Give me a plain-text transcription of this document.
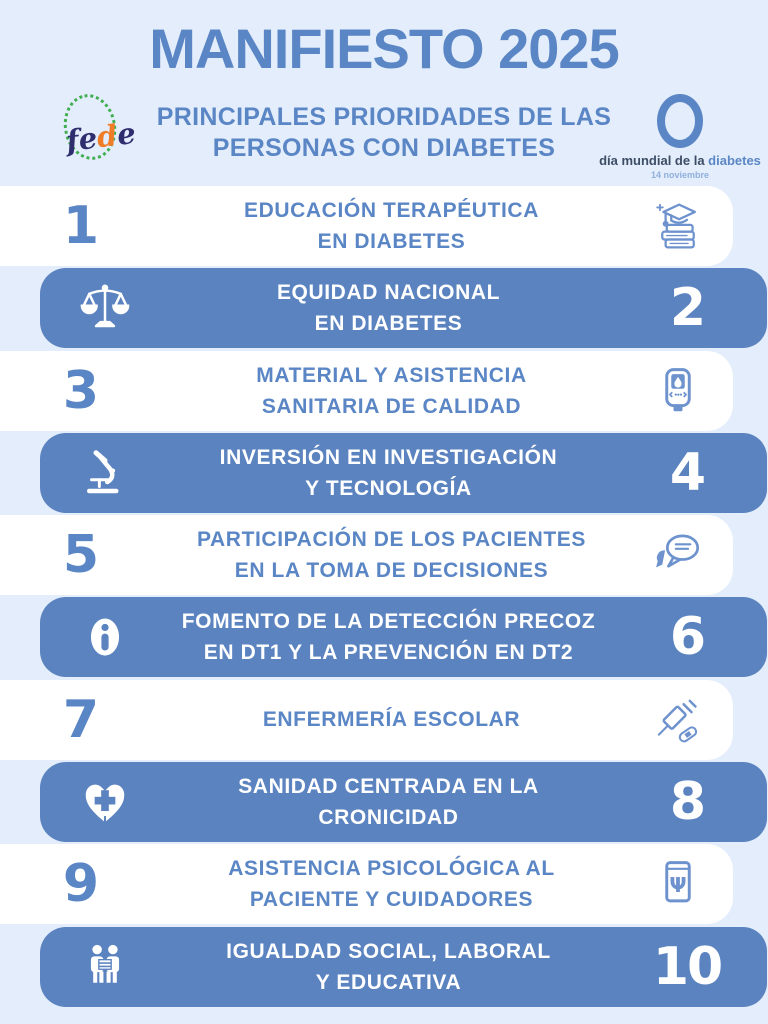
MANIFIESTO 2025
fede PRINCIPALES PRIORIDADES DE LAS
PERSONAS CON DIABETES	día mundial de la diabetes
14 noviembre
1	EDUCACIÓN TERAPÉUTICA
EN DIABETES
EQUIDAD NACIONAL
EN DIABETES	2
3	MATERIAL Y ASISTENCIA
SANITARIA DE CALIDAD
INVERSIÓN EN INVESTIGACIÓN
Y TECNOLOGÍA	4
5	PARTICIPACIÓN DE LOS PACIENTES
EN LA TOMA DE DECISIONES
FOMENTO DE LA DETECCIÓN PRECOZ
EN DT1 Y LA PREVENCIÓN EN DT2	6
7	ENFERMERÍA ESCOLAR
SANIDAD CENTRADA EN LA
CRONICIDAD	8
9	ASISTENCIA PSICOLÓGICA AL
PACIENTE Y CUIDADORES
Ψ
IGUALDAD SOCIAL, LABORAL
Y EDUCATIVA	10
